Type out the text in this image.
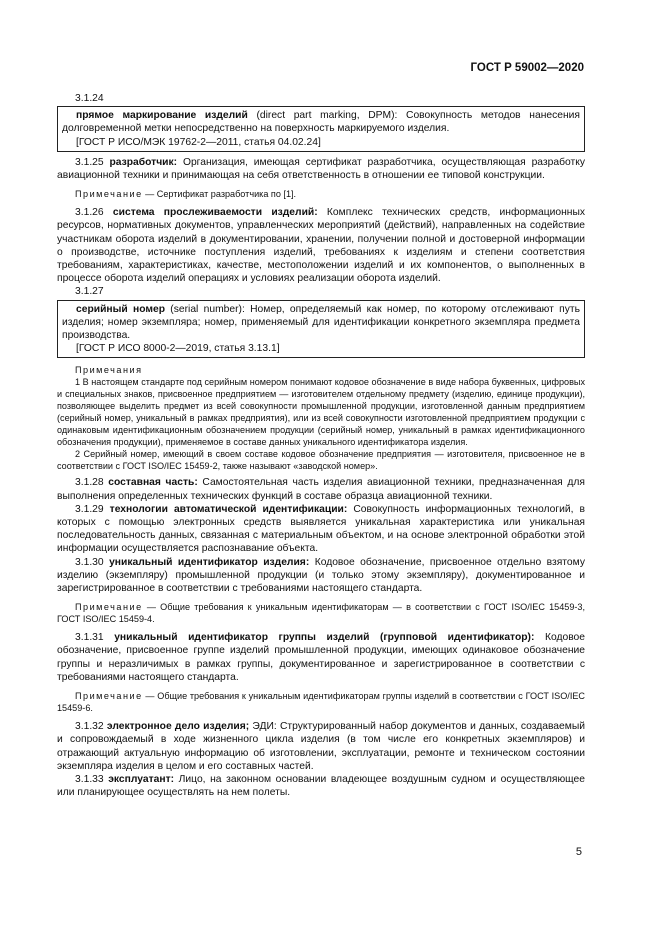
ГОСТ Р 59002—2020

3.1.24

прямое маркирование изделий (direct part marking, DPM): Совокупность методов нанесения долговременной метки непосредственно на поверхность маркируемого изделия.

[ГОСТ Р ИСО/МЭК 19762-2—2011, статья 04.02.24]

3.1.25 разработчик: Организация, имеющая сертификат разработчика, осуществляющая разработку авиационной техники и принимающая на себя ответственность в отношении ее типовой конструкции.

Примечание — Сертификат разработчика по [1].

3.1.26 система прослеживаемости изделий: Комплекс технических средств, информационных ресурсов, нормативных документов, управленческих мероприятий (действий), направленных на содействие участникам оборота изделий в документировании, хранении, получении полной и достоверной информации о производстве, источнике поступления изделий, требованиях к изделиям и степени соответствия требованиям, характеристиках, качестве, местоположении изделий и их компонентов, о выполненных в процессе оборота изделий операциях и условиях реализации оборота изделий.

3.1.27

серийный номер (serial number): Номер, определяемый как номер, по которому отслеживают путь изделия; номер экземпляра; номер, применяемый для идентификации конкретного экземпляра предмета производства.

[ГОСТ Р ИСО 8000-2—2019, статья 3.13.1]

Примечания

1 В настоящем стандарте под серийным номером понимают кодовое обозначение в виде набора буквенных, цифровых и специальных знаков, присвоенное предприятием — изготовителем отдельному предмету (изделию, единице продукции), позволяющее выделить предмет из всей совокупности промышленной продукции, изготовленной данным предприятием (серийный номер, уникальный в рамках предприятия), или из всей совокупности изготовленной предприятием продукции с одинаковым идентификационным обозначением продукции (серийный номер, уникальный в рамках идентификационного обозначения продукции), применяемое в составе данных уникального идентификатора изделия.

2 Серийный номер, имеющий в своем составе кодовое обозначение предприятия — изготовителя, присвоенное не в соответствии с ГОСТ ISO/IEC 15459-2, также называют «заводской номер».

3.1.28 составная часть: Самостоятельная часть изделия авиационной техники, предназначенная для выполнения определенных технических функций в составе образца авиационной техники.

3.1.29 технологии автоматической идентификации: Совокупность информационных технологий, в которых с помощью электронных средств выявляется уникальная характеристика или уникальная последовательность данных, связанная с материальным объектом, и на основе электронной обработки этой информации осуществляется распознавание объекта.

3.1.30 уникальный идентификатор изделия: Кодовое обозначение, присвоенное отдельно взятому изделию (экземпляру) промышленной продукции (и только этому экземпляру), документированное и зарегистрированное в соответствии с требованиями настоящего стандарта.

Примечание — Общие требования к уникальным идентификаторам — в соответствии с ГОСТ ISO/IEC 15459-3, ГОСТ ISO/IEC 15459-4.

3.1.31 уникальный идентификатор группы изделий (групповой идентификатор): Кодовое обозначение, присвоенное группе изделий промышленной продукции, имеющих одинаковое обозначение группы и неразличимых в рамках группы, документированное и зарегистрированное в соответствии с требованиями настоящего стандарта.

Примечание — Общие требования к уникальным идентификаторам группы изделий в соответствии с ГОСТ ISO/IEC 15459-6.

3.1.32 электронное дело изделия; ЭДИ: Структурированный набор документов и данных, создаваемый и сопровождаемый в ходе жизненного цикла изделия (в том числе его конкретных экземпляров) и отражающий актуальную информацию об изготовлении, эксплуатации, ремонте и техническом состоянии экземпляра изделия в целом и его составных частей.

3.1.33 эксплуатант: Лицо, на законном основании владеющее воздушным судном и осуществляющее или планирующее осуществлять на нем полеты.

5
